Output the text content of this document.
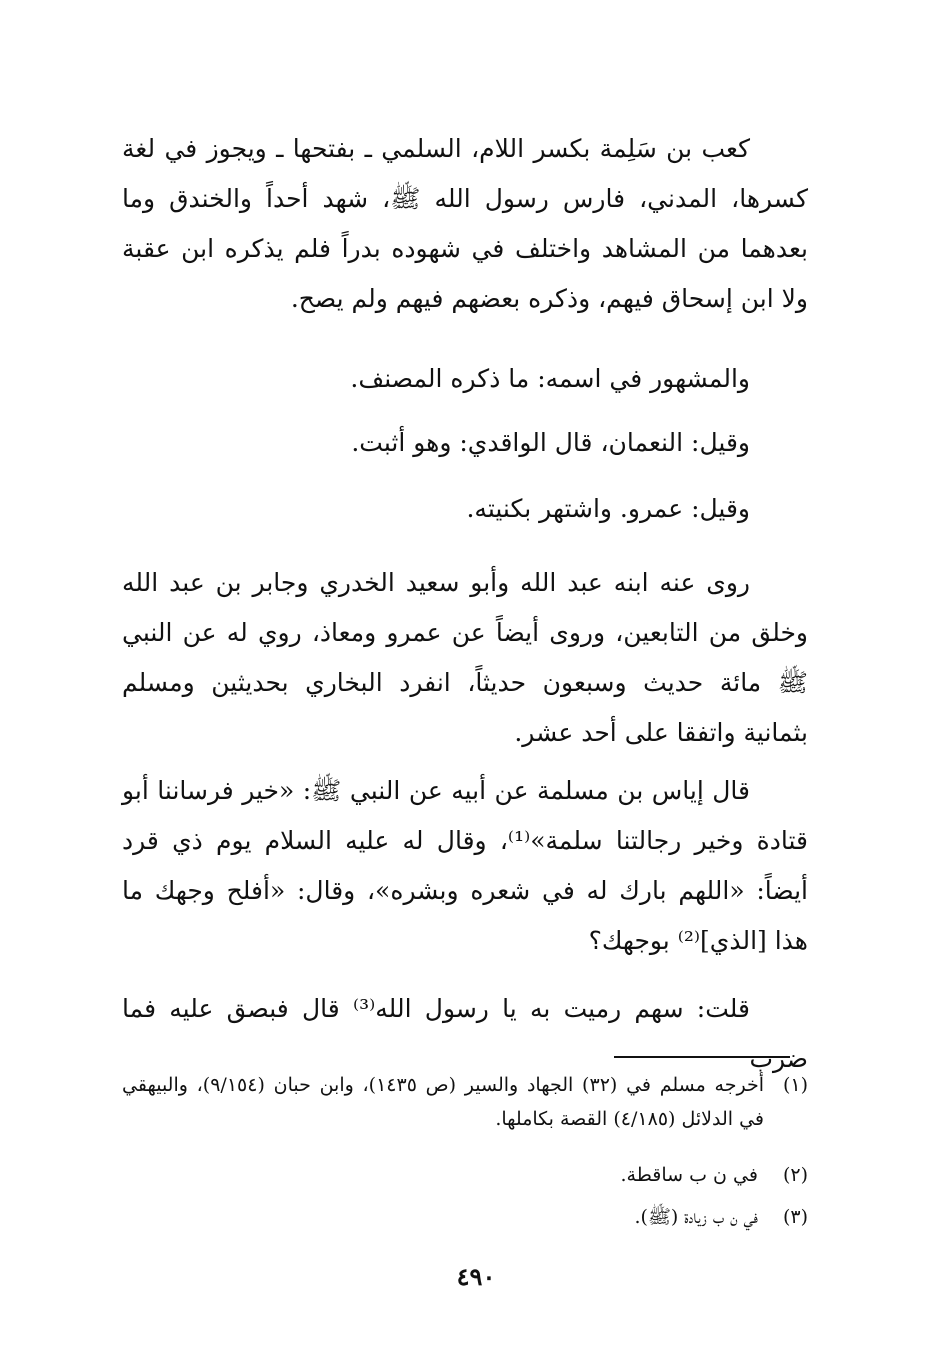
كعب بن سَلِمة بكسر اللام، السلمي ـ بفتحها ـ ويجوز في لغة كسرها، المدني، فارس رسول الله ﷺ، شهد أحداً والخندق وما بعدهما من المشاهد واختلف في شهوده بدراً فلم يذكره ابن عقبة ولا ابن إسحاق فيهم، وذكره بعضهم فيهم ولم يصح.

والمشهور في اسمه: ما ذكره المصنف.

وقيل: النعمان، قال الواقدي: وهو أثبت.

وقيل: عمرو. واشتهر بكنيته.

روى عنه ابنه عبد الله وأبو سعيد الخدري وجابر بن عبد الله وخلق من التابعين، وروى أيضاً عن عمرو ومعاذ، روي له عن النبي ﷺ مائة حديث وسبعون حديثاً، انفرد البخاري بحديثين ومسلم بثمانية واتفقا على أحد عشر.

قال إياس بن مسلمة عن أبيه عن النبي ﷺ: «خير فرساننا أبو قتادة وخير رجالتنا سلمة»⁽¹⁾، وقال له عليه السلام يوم ذي قرد أيضاً: «اللهم بارك له في شعره وبشره»، وقال: «أفلح وجهك ما هذا [الذي]⁽²⁾ بوجهك؟

قلت: سهم رميت به يا رسول الله⁽³⁾ قال فبصق عليه فما ضرب

(١)
أخرجه مسلم في (٣٢) الجهاد والسير (ص ١٤٣٥)، وابن حبان (٩/١٥٤)، والبيهقي في الدلائل (٤/١٨٥) القصة بكاملها.
(٢) في ن ب ساقطة.
(٣) في ن ب زيادة (ﷺ).
٤٩٠
